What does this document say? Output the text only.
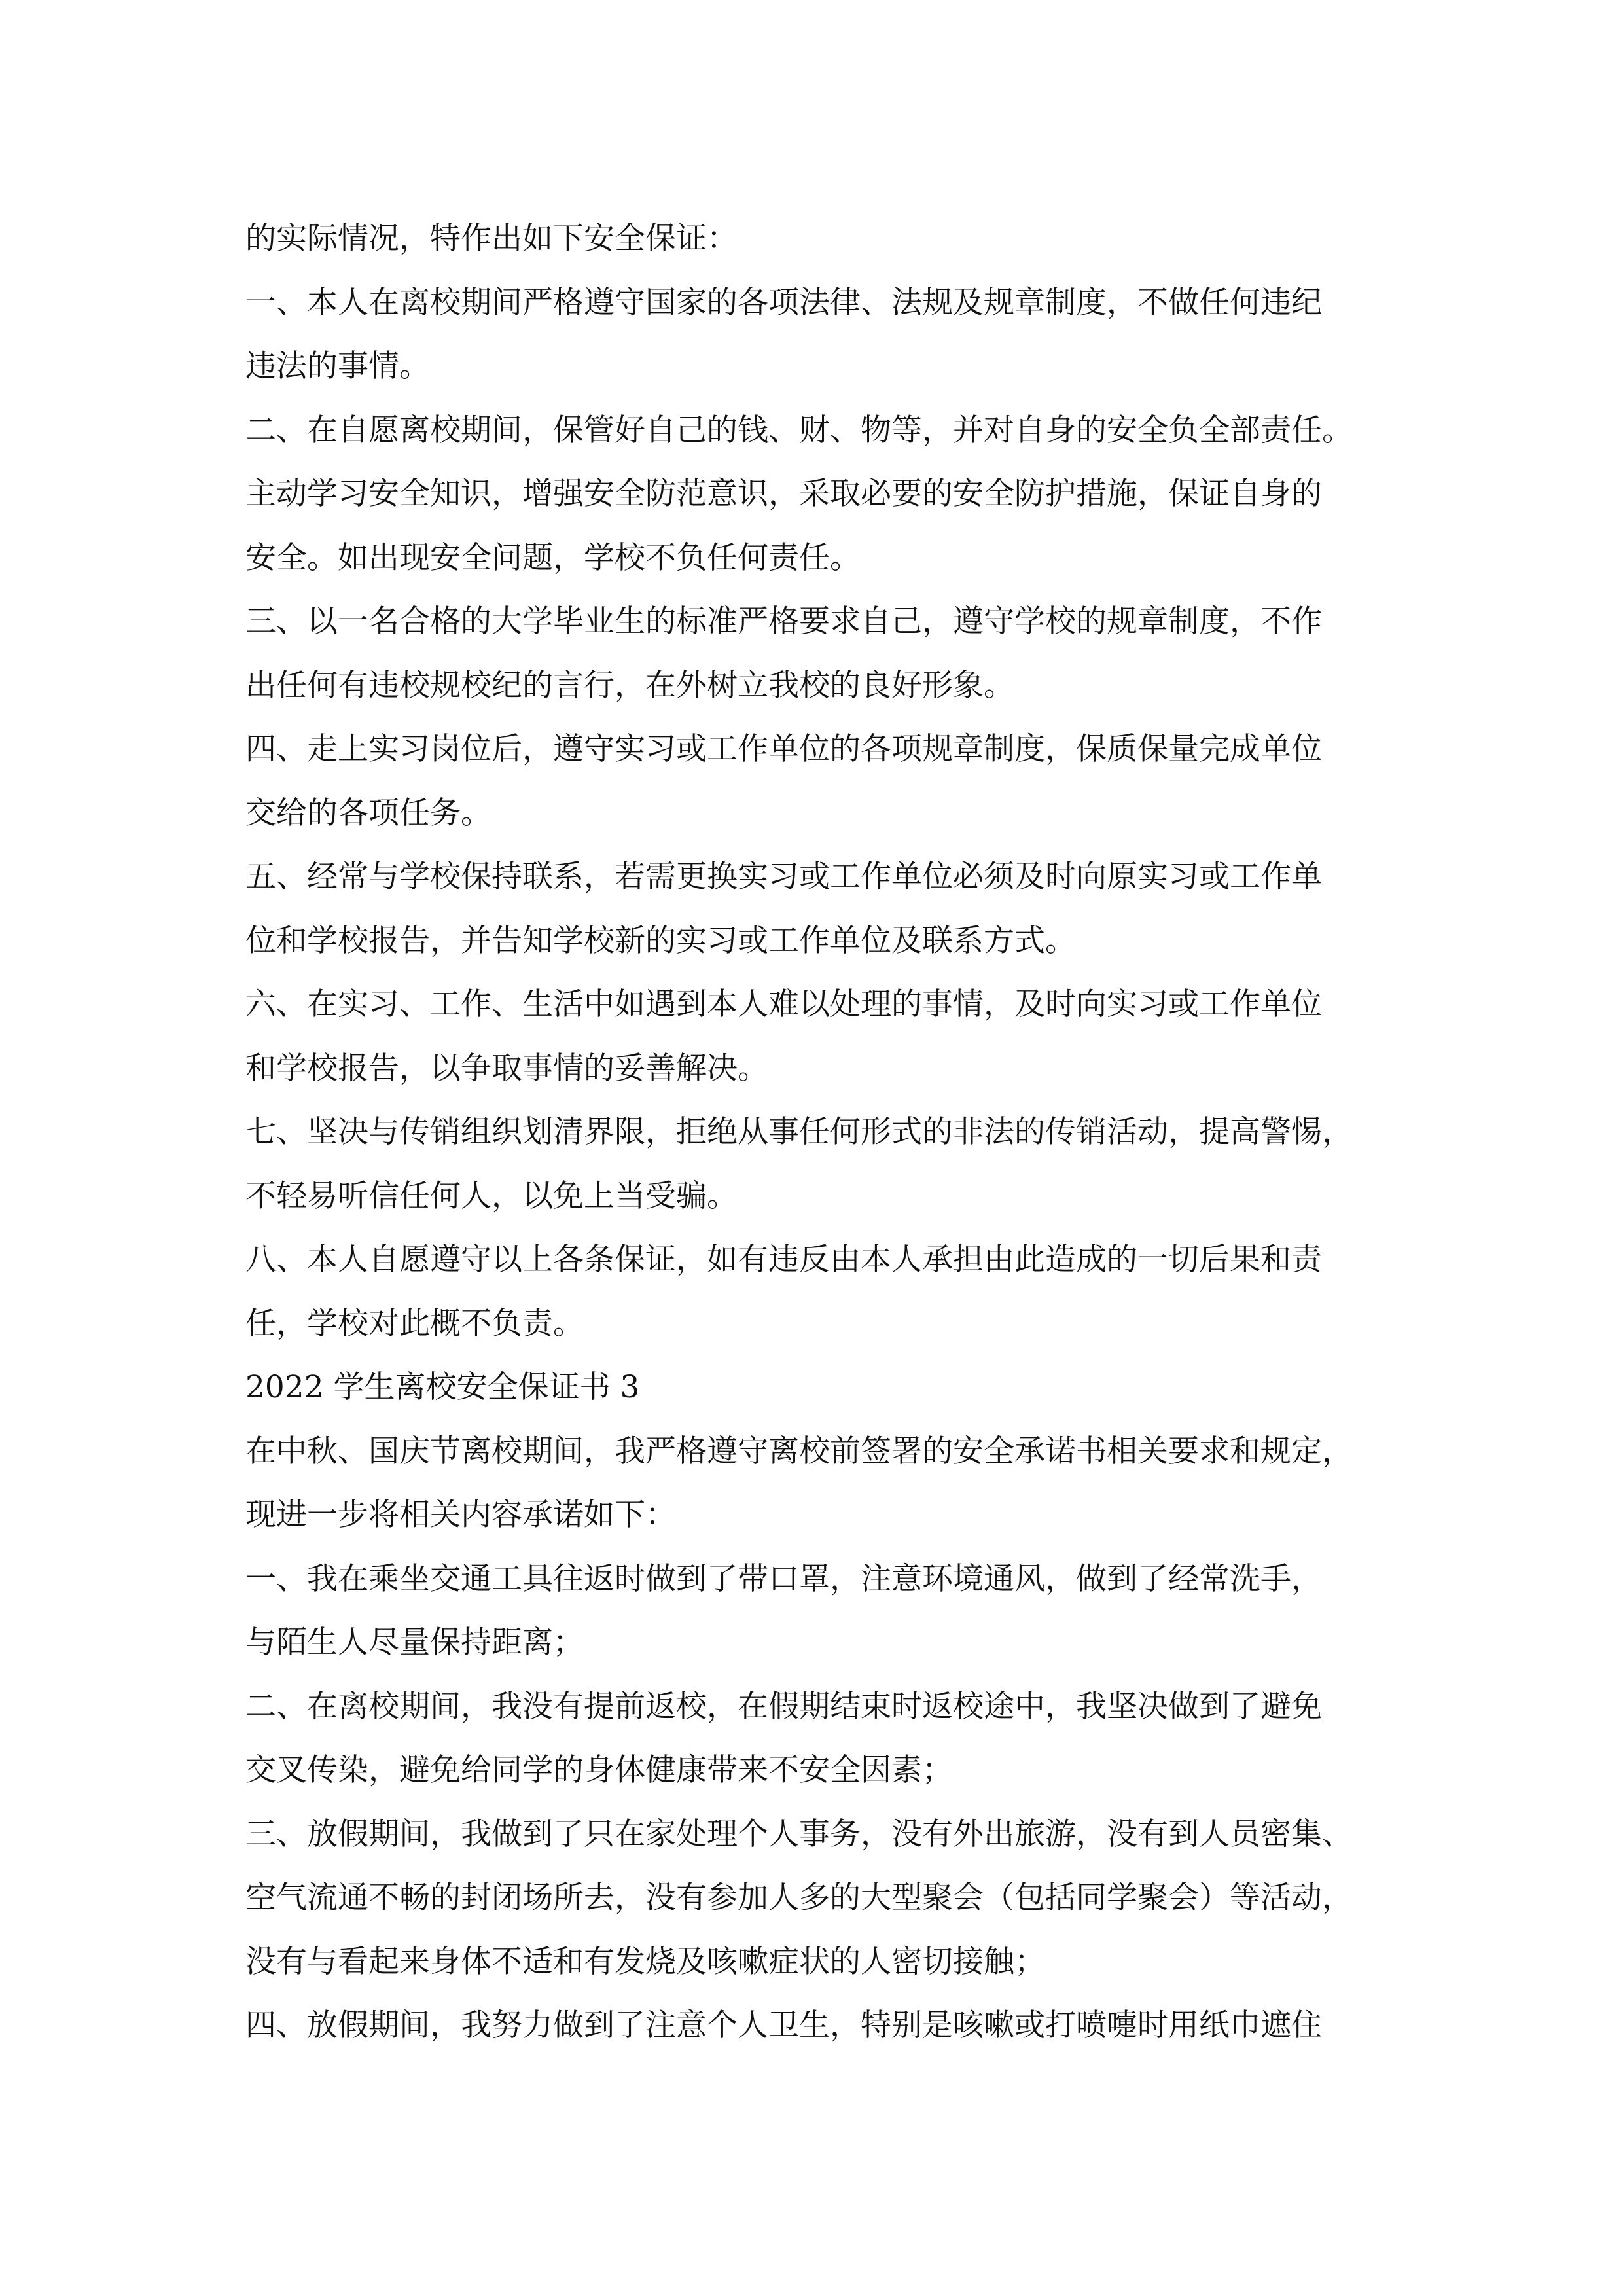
的实际情况，特作出如下安全保证：
一、本人在离校期间严格遵守国家的各项法律、法规及规章制度，不做任何违纪
违法的事情。
二、在自愿离校期间，保管好自己的钱、财、物等，并对自身的安全负全部责任。
主动学习安全知识，增强安全防范意识，采取必要的安全防护措施，保证自身的
安全。如出现安全问题，学校不负任何责任。
三、以一名合格的大学毕业生的标准严格要求自己，遵守学校的规章制度，不作
出任何有违校规校纪的言行，在外树立我校的良好形象。
四、走上实习岗位后，遵守实习或工作单位的各项规章制度，保质保量完成单位
交给的各项任务。
五、经常与学校保持联系，若需更换实习或工作单位必须及时向原实习或工作单
位和学校报告，并告知学校新的实习或工作单位及联系方式。
六、在实习、工作、生活中如遇到本人难以处理的事情，及时向实习或工作单位
和学校报告，以争取事情的妥善解决。
七、坚决与传销组织划清界限，拒绝从事任何形式的非法的传销活动，提高警惕，
不轻易听信任何人，以免上当受骗。
八、本人自愿遵守以上各条保证，如有违反由本人承担由此造成的一切后果和责
任，学校对此概不负责。
2022 学生离校安全保证书 3
在中秋、国庆节离校期间，我严格遵守离校前签署的安全承诺书相关要求和规定，
现进一步将相关内容承诺如下：
一、我在乘坐交通工具往返时做到了带口罩，注意环境通风，做到了经常洗手，
与陌生人尽量保持距离；
二、在离校期间，我没有提前返校，在假期结束时返校途中，我坚决做到了避免
交叉传染，避免给同学的身体健康带来不安全因素；
三、放假期间，我做到了只在家处理个人事务，没有外出旅游，没有到人员密集、
空气流通不畅的封闭场所去，没有参加人多的大型聚会（包括同学聚会）等活动，
没有与看起来身体不适和有发烧及咳嗽症状的人密切接触；
四、放假期间，我努力做到了注意个人卫生，特别是咳嗽或打喷嚏时用纸巾遮住
